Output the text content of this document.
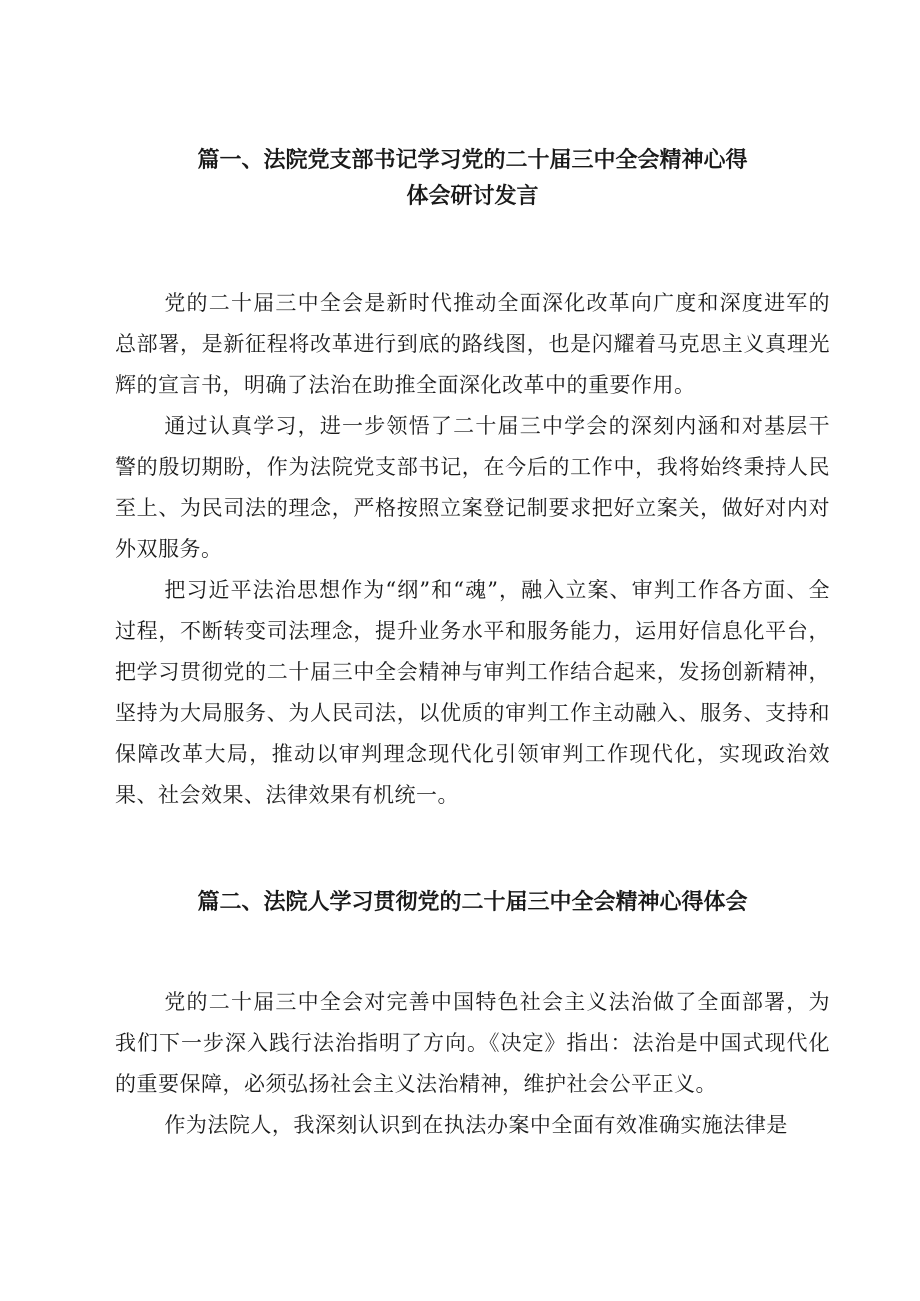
篇一、法院党支部书记学习党的二十届三中全会精神心得
体会研讨发言

党的二十届三中全会是新时代推动全面深化改革向广度和深度进军的总部署，是新征程将改革进行到底的路线图，也是闪耀着马克思主义真理光辉的宣言书，明确了法治在助推全面深化改革中的重要作用。

通过认真学习，进一步领悟了二十届三中学会的深刻内涵和对基层干警的殷切期盼，作为法院党支部书记，在今后的工作中，我将始终秉持人民至上、为民司法的理念，严格按照立案登记制要求把好立案关，做好对内对外双服务。

把习近平法治思想作为“纲”和“魂”，融入立案、审判工作各方面、全过程，不断转变司法理念，提升业务水平和服务能力，运用好信息化平台，把学习贯彻党的二十届三中全会精神与审判工作结合起来，发扬创新精神，坚持为大局服务、为人民司法，以优质的审判工作主动融入、服务、支持和保障改革大局，推动以审判理念现代化引领审判工作现代化，实现政治效果、社会效果、法律效果有机统一。

篇二、法院人学习贯彻党的二十届三中全会精神心得体会

党的二十届三中全会对完善中国特色社会主义法治做了全面部署，为我们下一步深入践行法治指明了方向。《决定》指出：法治是中国式现代化的重要保障，必须弘扬社会主义法治精神，维护社会公平正义。

作为法院人，我深刻认识到在执法办案中全面有效准确实施法律是
